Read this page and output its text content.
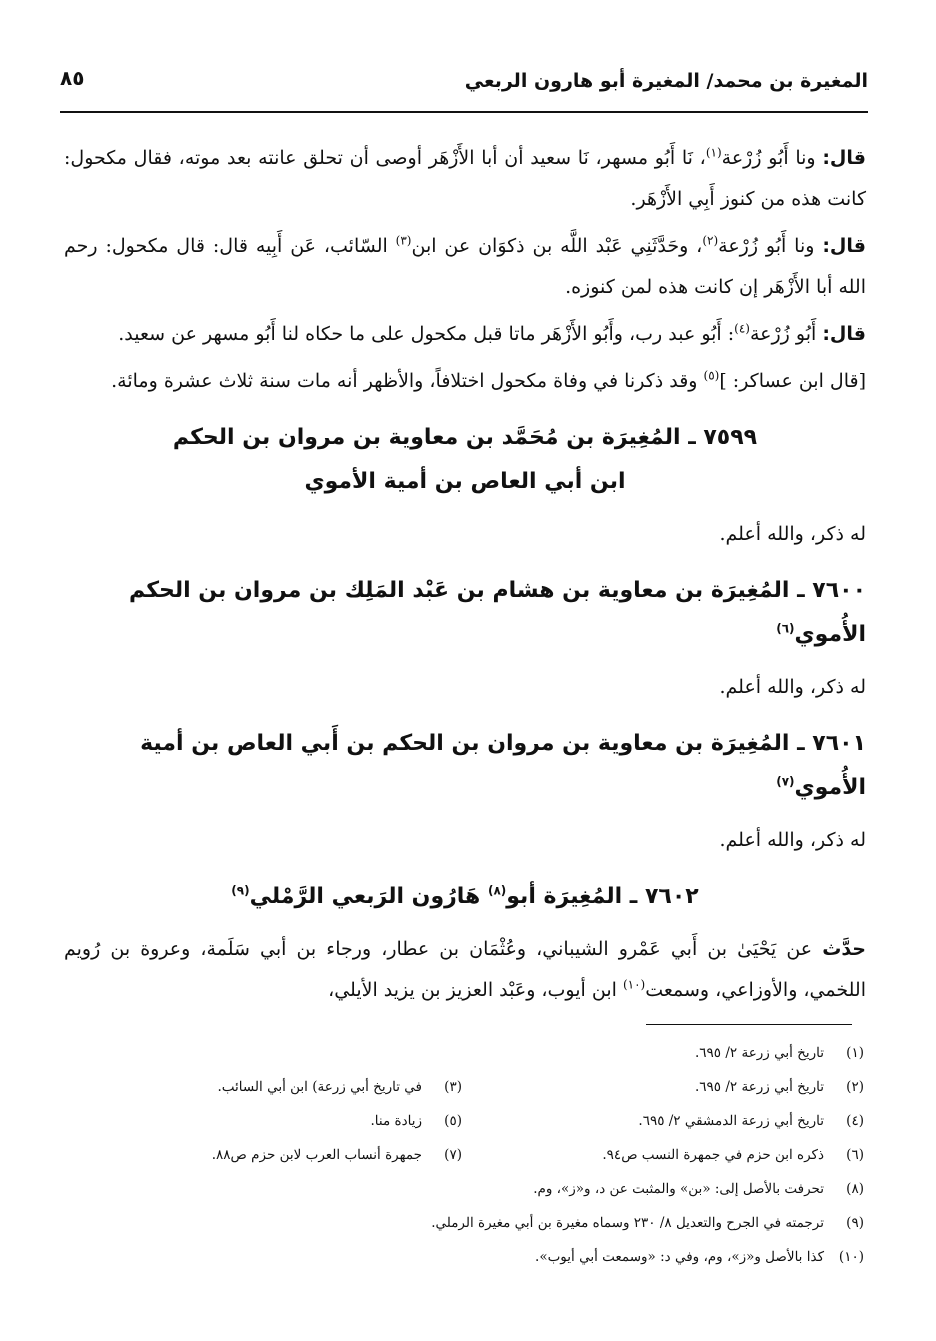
المغيرة بن محمد/ المغيرة أبو هارون الربعي
٨٥

قال: ونا أَبُو زُرْعة$^{(١)}$، نَا أَبُو مسهر، نَا سعيد أن أبا الأَزْهَر أوصى أن تحلق عانته بعد موته، فقال مكحول: كانت هذه من كنوز أَبِي الأَزْهَر.

قال: ونا أَبُو زُرْعة$^{(٢)}$، وحَدَّثَنِي عَبْد اللَّه بن ذكوَان عن ابن$^{(٣)}$ السّائب، عَن أَبِيه قال: قال مكحول: رحم الله أبا الأَزْهَر إن كانت هذه لمن كنوزه.

قال: أَبُو زُرْعة$^{(٤)}$: أَبُو عبد رب، وأَبُو الأَزْهَر ماتا قبل مكحول على ما حكاه لنا أَبُو مسهر عن سعيد.

[قال ابن عساكر: ]$^{(٥)}$ وقد ذكرنا في وفاة مكحول اختلافاً، والأظهر أنه مات سنة ثلاث عشرة ومائة.

٧٥٩٩ ـ المُغِيرَة بن مُحَمَّد بن معاوية بن مروان بن الحكم
ابن أبي العاص بن أمية الأموي

له ذكر، والله أعلم.

٧٦٠٠ ـ المُغِيرَة بن معاوية بن هشام بن عَبْد المَلِك بن مروان بن الحكم الأُموي$^{(٦)}$

له ذكر، والله أعلم.

٧٦٠١ ـ المُغِيرَة بن معاوية بن مروان بن الحكم بن أَبي العاص بن أمية الأُموي$^{(٧)}$

له ذكر، والله أعلم.

٧٦٠٢ ـ المُغِيرَة أبو$^{(٨)}$ هَارُون الرَبعي الرَّمْلي$^{(٩)}$

حدَّث عن يَحْيَىٰ بن أَبي عَمْرو الشيباني، وعُثْمَان بن عطار، ورجاء بن أبي سَلَمة، وعروة بن رُويم اللخمي، والأوزاعي، وسمعت$^{(١٠)}$ ابن أيوب، وعَبْد العزيز بن يزيد الأيلي،

(١)تاريخ أبي زرعة ٢/ ٦٩٥.
(٢)تاريخ أبي زرعة ٢/ ٦٩٥.
(٣)في تاريخ أبي زرعة) ابن أبي السائب.
(٤)تاريخ أبي زرعة الدمشقي ٢/ ٦٩٥.
(٥)زيادة منا.
(٦)ذكره ابن حزم في جمهرة النسب ص٩٤.
(٧)جمهرة أنساب العرب لابن حزم ص٨٨.
(٨)تحرفت بالأصل إلى: «بن» والمثبت عن د، و«ز»، وم.
(٩)ترجمته في الجرح والتعديل ٨/ ٢٣٠ وسماه مغيرة بن أبي مغيرة الرملي.
(١٠)كذا بالأصل و«ز»، وم، وفي د: «وسمعت أبي أيوب».
